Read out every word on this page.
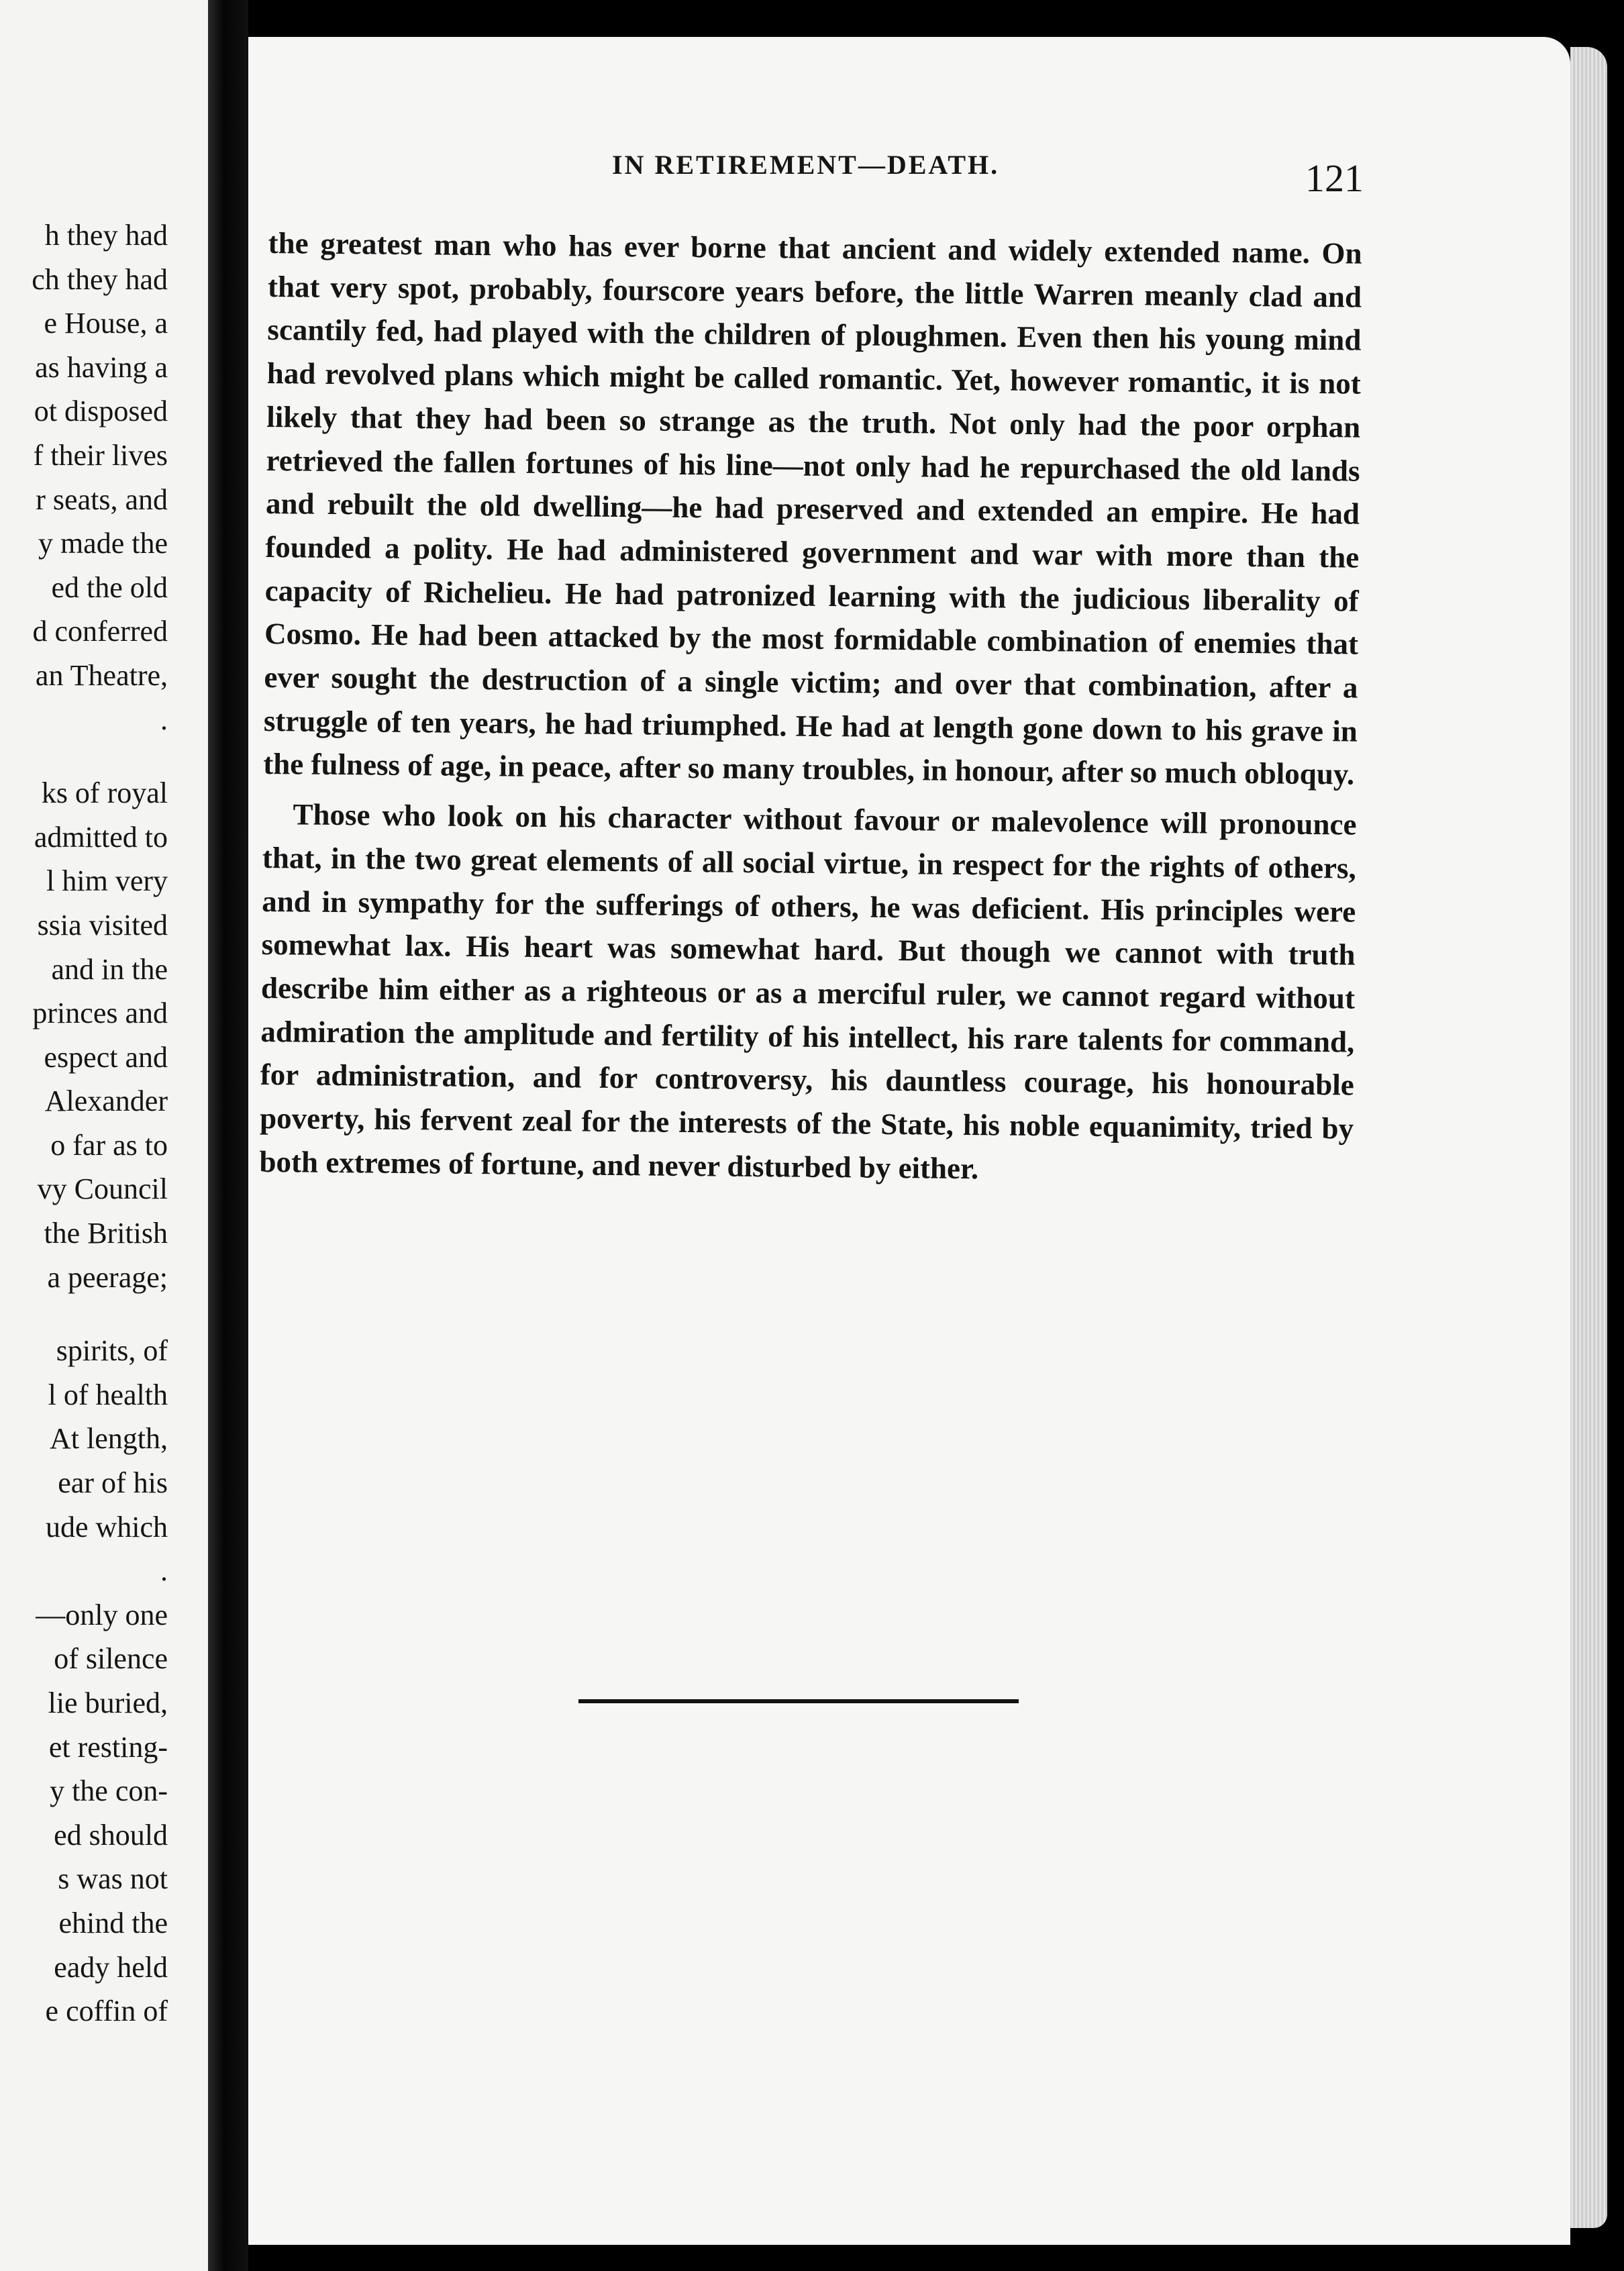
h they had
ch they had
e House, a
as having a
ot disposed
f their lives
r seats, and
y made the
ed the old
d conferred
an Theatre,
.
ks of royal
admitted to
l him very
ssia visited
and in the
princes and
espect and
Alexander
o far as to
vy Council
the British
a peerage;
spirits, of
l of health
At length,
ear of his
ude which
.
—only one
of silence
lie buried,
et resting-
y the con-
ed should
s was not
ehind the
eady held
e coffin of
IN RETIREMENT—DEATH.	121

the greatest man who has ever borne that ancient and widely extended name. On that very spot, probably, fourscore years before, the little Warren meanly clad and scantily fed, had played with the children of ploughmen. Even then his young mind had revolved plans which might be called romantic. Yet, however romantic, it is not likely that they had been so strange as the truth. Not only had the poor orphan retrieved the fallen fortunes of his line—not only had he repurchased the old lands and rebuilt the old dwelling—he had preserved and extended an empire. He had founded a polity. He had administered government and war with more than the capacity of Richelieu. He had patronized learning with the judicious liberality of Cosmo. He had been attacked by the most formidable combination of enemies that ever sought the destruction of a single victim; and over that combination, after a struggle of ten years, he had triumphed. He had at length gone down to his grave in the fulness of age, in peace, after so many troubles, in honour, after so much obloquy.

Those who look on his character without favour or malevolence will pronounce that, in the two great elements of all social virtue, in respect for the rights of others, and in sympathy for the sufferings of others, he was deficient. His principles were somewhat lax. His heart was somewhat hard. But though we cannot with truth describe him either as a righteous or as a merciful ruler, we cannot regard without admiration the amplitude and fertility of his intellect, his rare talents for command, for administration, and for controversy, his dauntless courage, his honourable poverty, his fervent zeal for the interests of the State, his noble equanimity, tried by both extremes of fortune, and never disturbed by either.
